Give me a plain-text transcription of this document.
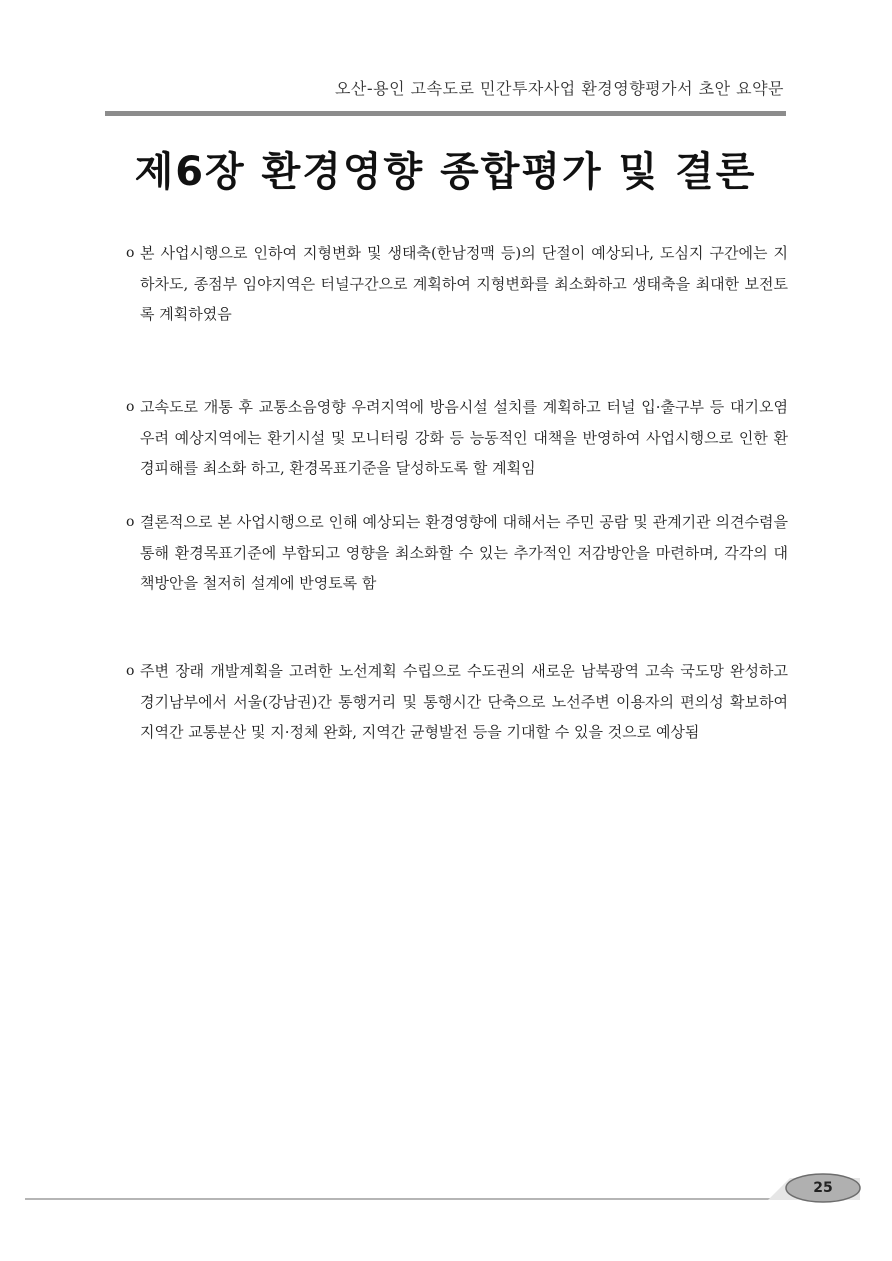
오산-용인 고속도로 민간투자사업 환경영향평가서 초안 요약문
제6장 환경영향 종합평가 및 결론
ο 본 사업시행으로 인하여 지형변화 및 생태축(한남정맥 등)의 단절이 예상되나, 도심지 구간에는 지하차도, 종점부 임야지역은 터널구간으로 계획하여 지형변화를 최소화하고 생태축을 최대한 보전토록 계획하였음

ο 고속도로 개통 후 교통소음영향 우려지역에 방음시설 설치를 계획하고 터널 입·출구부 등 대기오염 우려 예상지역에는 환기시설 및 모니터링 강화 등 능동적인 대책을 반영하여 사업시행으로 인한 환경피해를 최소화 하고, 환경목표기준을 달성하도록 할 계획임

ο 결론적으로 본 사업시행으로 인해 예상되는 환경영향에 대해서는 주민 공람 및 관계기관 의견수렴을 통해 환경목표기준에 부합되고 영향을 최소화할 수 있는 추가적인 저감방안을 마련하며, 각각의 대책방안을 철저히 설계에 반영토록 함

ο 주변 장래 개발계획을 고려한 노선계획 수립으로 수도권의 새로운 남북광역 고속 국도망 완성하고 경기남부에서 서울(강남권)간 통행거리 및 통행시간 단축으로 노선주변 이용자의 편의성 확보하여 지역간 교통분산 및 지·정체 완화, 지역간 균형발전 등을 기대할 수 있을 것으로 예상됨

25
